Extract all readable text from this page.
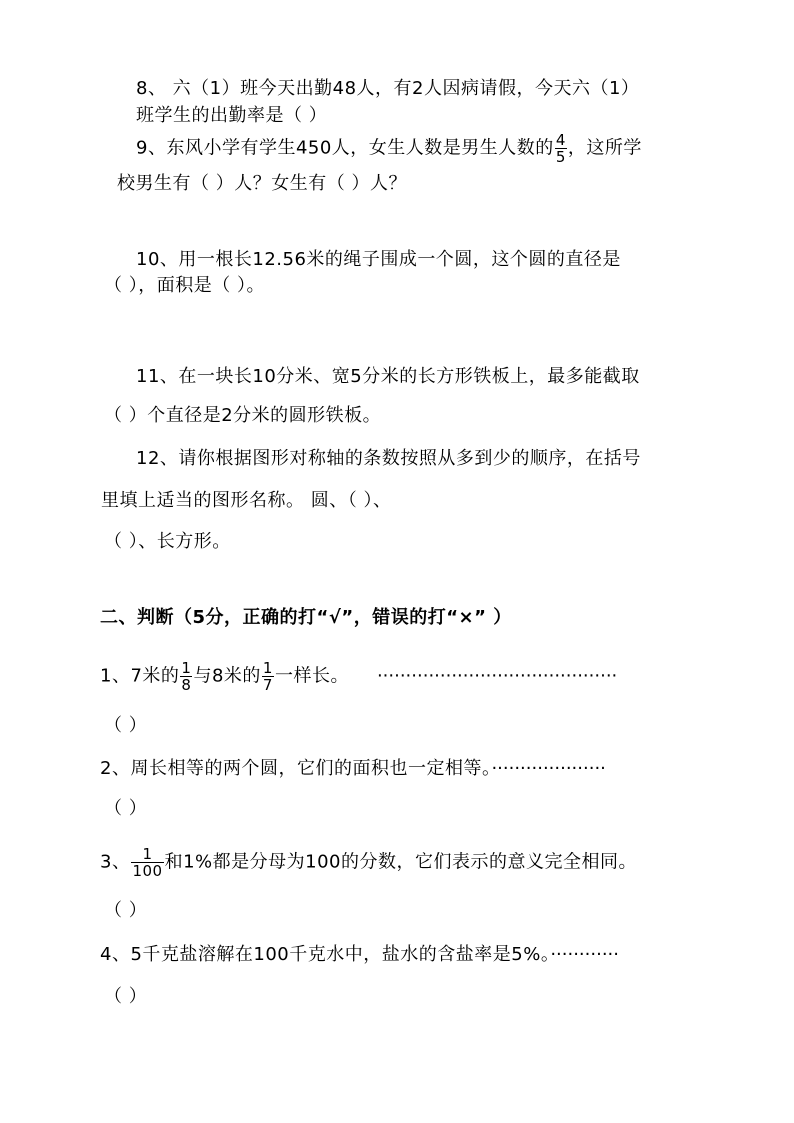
8、 六（1）班今天出勤48人，有2人因病请假，今天六（1）
班学生的出勤率是（ ）
9、东风小学有学生450人，女生人数是男生人数的 $\frac{4}{5}$ ，这所学
校男生有（ ）人？女生有（ ）人？
10、用一根长12.56米的绳子围成一个圆，这个圆的直径是
（ ），面积是（ ）。
11、在一块长10分米、宽5分米的长方形铁板上，最多能截取
（ ）个直径是2分米的圆形铁板。
12、请你根据图形对称轴的条数按照从多到少的顺序，在括号
里填上适当的图形名称。 圆、（ ）、
（ ）、长方形。
二、判断（5分，正确的打“√”，错误的打“×” ）
1、7米的 $\frac{1}{8}$ 与8米的 $\frac{1}{7}$ 一样长。 ··········································
（ ）
2、周长相等的两个圆，它们的面积也一定相等。····················
（ ）
3、 $\frac{1}{100}$ 和1%都是分母为100的分数，它们表示的意义完全相同。
（ ）
4、5千克盐溶解在100千克水中，盐水的含盐率是5%。············
（ ）
